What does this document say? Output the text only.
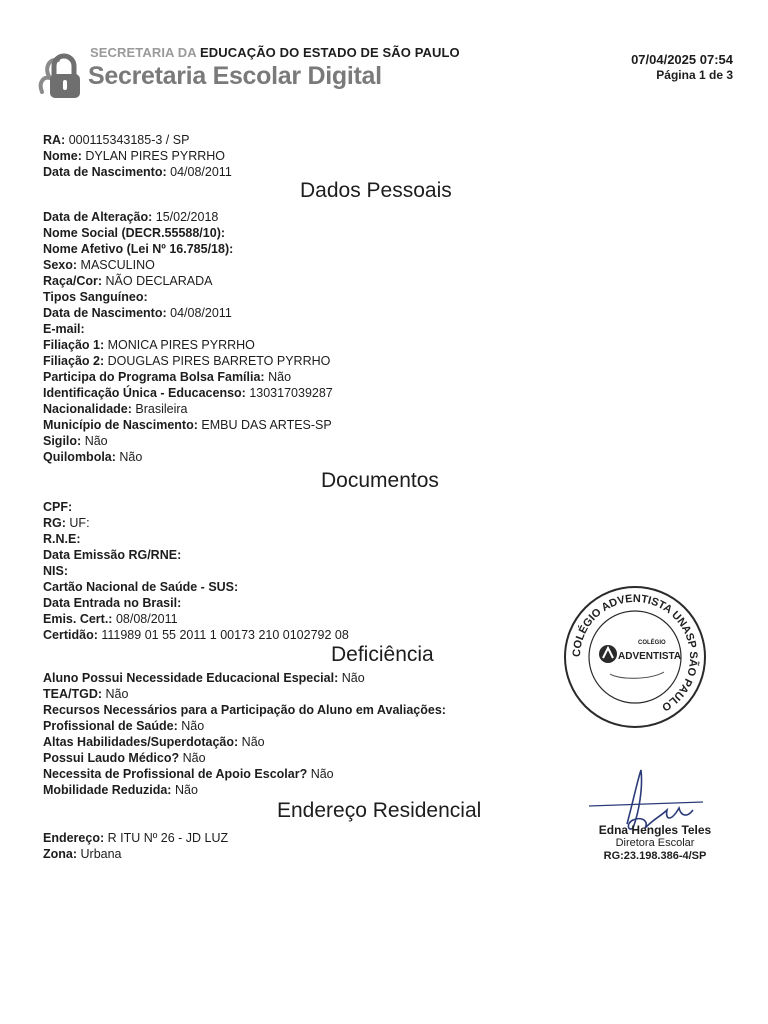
SECRETARIA DA EDUCAÇÃO DO ESTADO DE SÃO PAULO
Secretaria Escolar Digital
07/04/2025 07:54
Página 1 de 3
RA: 000115343185-3 / SP
Nome: DYLAN PIRES PYRRHO
Data de Nascimento: 04/08/2011
Dados Pessoais
Data de Alteração: 15/02/2018
Nome Social (DECR.55588/10):
Nome Afetivo (Lei Nº 16.785/18):
Sexo: MASCULINO
Raça/Cor: NÃO DECLARADA
Tipos Sanguíneo:
Data de Nascimento: 04/08/2011
E-mail:
Filiação 1: MONICA PIRES PYRRHO
Filiação 2: DOUGLAS PIRES BARRETO PYRRHO
Participa do Programa Bolsa Família: Não
Identificação Única - Educacenso: 130317039287
Nacionalidade: Brasileira
Município de Nascimento: EMBU DAS ARTES-SP
Sigilo: Não
Quilombola: Não
Documentos
CPF:
RG: UF:
R.N.E:
Data Emissão RG/RNE:
NIS:
Cartão Nacional de Saúde - SUS:
Data Entrada no Brasil:
Emis. Cert.: 08/08/2011
Certidão: 111989 01 55 2011 1 00173 210 0102792 08
Deficiência
Aluno Possui Necessidade Educacional Especial: Não
TEA/TGD: Não
Recursos Necessários para a Participação do Aluno em Avaliações:
Profissional de Saúde: Não
Altas Habilidades/Superdotação: Não
Possui Laudo Médico? Não
Necessita de Profissional de Apoio Escolar? Não
Mobilidade Reduzida: Não
Endereço Residencial
Endereço: R ITU Nº 26 - JD LUZ
Zona: Urbana
COLÉGIO ADVENTISTA UNASP SÃO PAULO
COLÉGIO
ADVENTISTA
Edna Hengles Teles
Diretora Escolar
RG:23.198.386-4/SP
